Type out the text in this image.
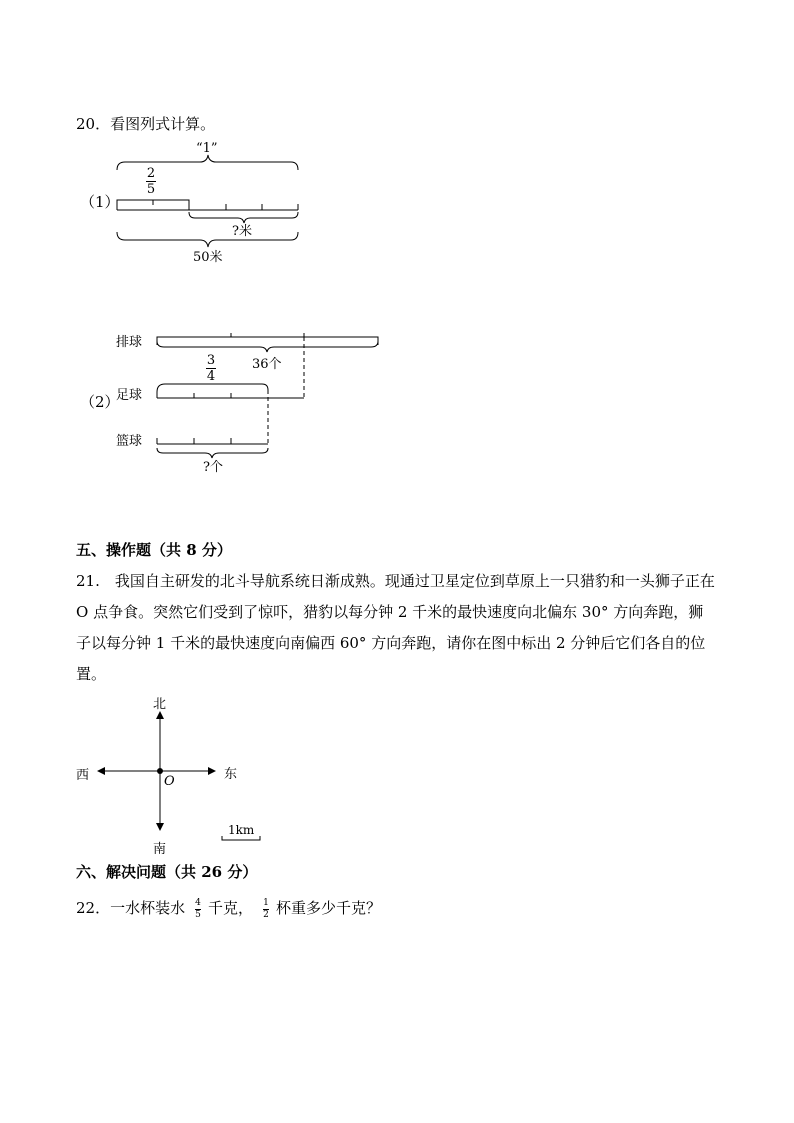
20．看图列式计算。
（1）
“1”
2
5
?米
50米
（2）
排球
36个
3
4
足球
篮球
?个
五、操作题（共 8 分）
21.　我国自主研发的北斗导航系统日渐成熟。现通过卫星定位到草原上一只猎豹和一头狮子正在 O 点争食。突然它们受到了惊吓，猎豹以每分钟 2 千米的最快速度向北偏东 30° 方向奔跑，狮子以每分钟 1 千米的最快速度向南偏西 60° 方向奔跑，请你在图中标出 2 分钟后它们各自的位置。
北
南
东
西	O
1km
六、解决问题（共 26 分）
22．一水杯装水 4
5 千克， 1
2 杯重多少千克？
